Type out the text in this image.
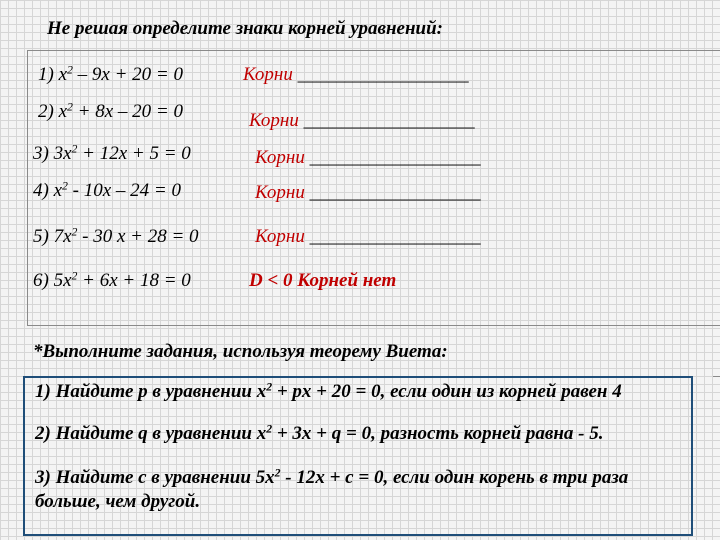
Не решая определите знаки корней уравнений:
1) $x^2 - 9x + 20 = 0$	Корни __________________
2) $x^2 + 8x - 20 = 0$	Корни __________________
3) $3x^2 + 12x + 5 = 0$	Корни __________________
4) $x^2 - 10x - 24 = 0$	Корни __________________
5) $7x^2 - 30$ x + 28 = 0	Корни __________________
6) $5x^2 + 6x + 18 = 0$	D < 0 Корней нет
*Выполните задания, используя теорему Виета:
1) Найдите р в уравнении $x^2$ + px + 20 = 0, если один из корней равен 4
2) Найдите q в уравнении $x^2 + 3x + q = 0$, разность корней равна - 5.
3) Найдите с в уравнении $5x^2 - 12x + c = 0$, если один корень в три раза
больше, чем другой.
